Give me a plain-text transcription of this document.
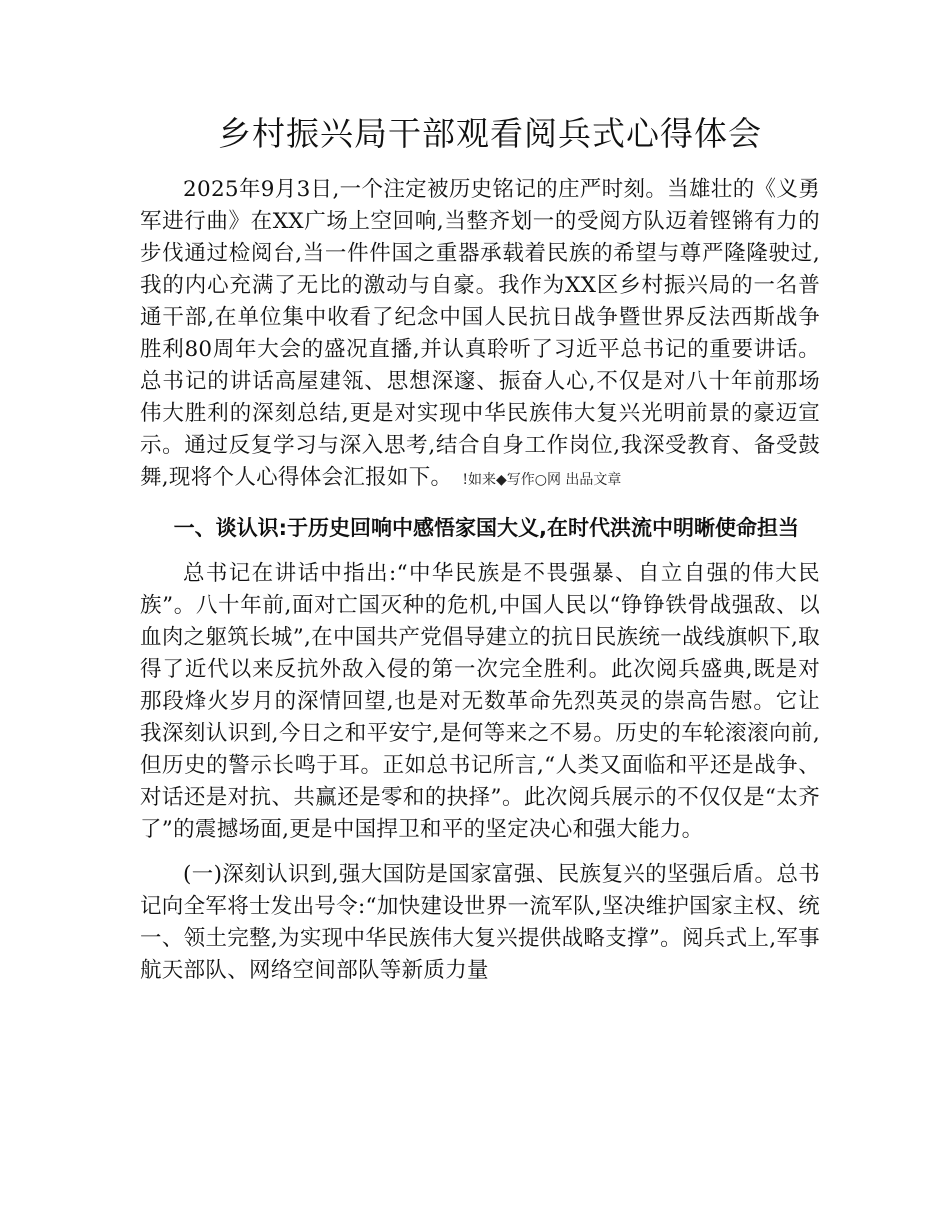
乡村振兴局干部观看阅兵式心得体会

2025年9月3日,一个注定被历史铭记的庄严时刻。当雄壮的《义勇军进行曲》在XX广场上空回响,当整齐划一的受阅方队迈着铿锵有力的步伐通过检阅台,当一件件国之重器承载着民族的希望与尊严隆隆驶过,我的内心充满了无比的激动与自豪。我作为XX区乡村振兴局的一名普通干部,在单位集中收看了纪念中国人民抗日战争暨世界反法西斯战争胜利80周年大会的盛况直播,并认真聆听了习近平总书记的重要讲话。总书记的讲话高屋建瓴、思想深邃、振奋人心,不仅是对八十年前那场伟大胜利的深刻总结,更是对实现中华民族伟大复兴光明前景的豪迈宣示。通过反复学习与深入思考,结合自身工作岗位,我深受教育、备受鼓舞,现将个人心得体会汇报如下。 !如来◆写作○网 出品文章

一、谈认识:于历史回响中感悟家国大义,在时代洪流中明晰使命担当

总书记在讲话中指出:“中华民族是不畏强暴、自立自强的伟大民族”。八十年前,面对亡国灭种的危机,中国人民以“铮铮铁骨战强敌、以血肉之躯筑长城”,在中国共产党倡导建立的抗日民族统一战线旗帜下,取得了近代以来反抗外敌入侵的第一次完全胜利。此次阅兵盛典,既是对那段烽火岁月的深情回望,也是对无数革命先烈英灵的崇高告慰。它让我深刻认识到,今日之和平安宁,是何等来之不易。历史的车轮滚滚向前,但历史的警示长鸣于耳。正如总书记所言,“人类又面临和平还是战争、对话还是对抗、共赢还是零和的抉择”。此次阅兵展示的不仅仅是“太齐了”的震撼场面,更是中国捍卫和平的坚定决心和强大能力。

(一)深刻认识到,强大国防是国家富强、民族复兴的坚强后盾。总书记向全军将士发出号令:“加快建设世界一流军队,坚决维护国家主权、统一、领土完整,为实现中华民族伟大复兴提供战略支撑”。阅兵式上,军事航天部队、网络空间部队等新质力量
